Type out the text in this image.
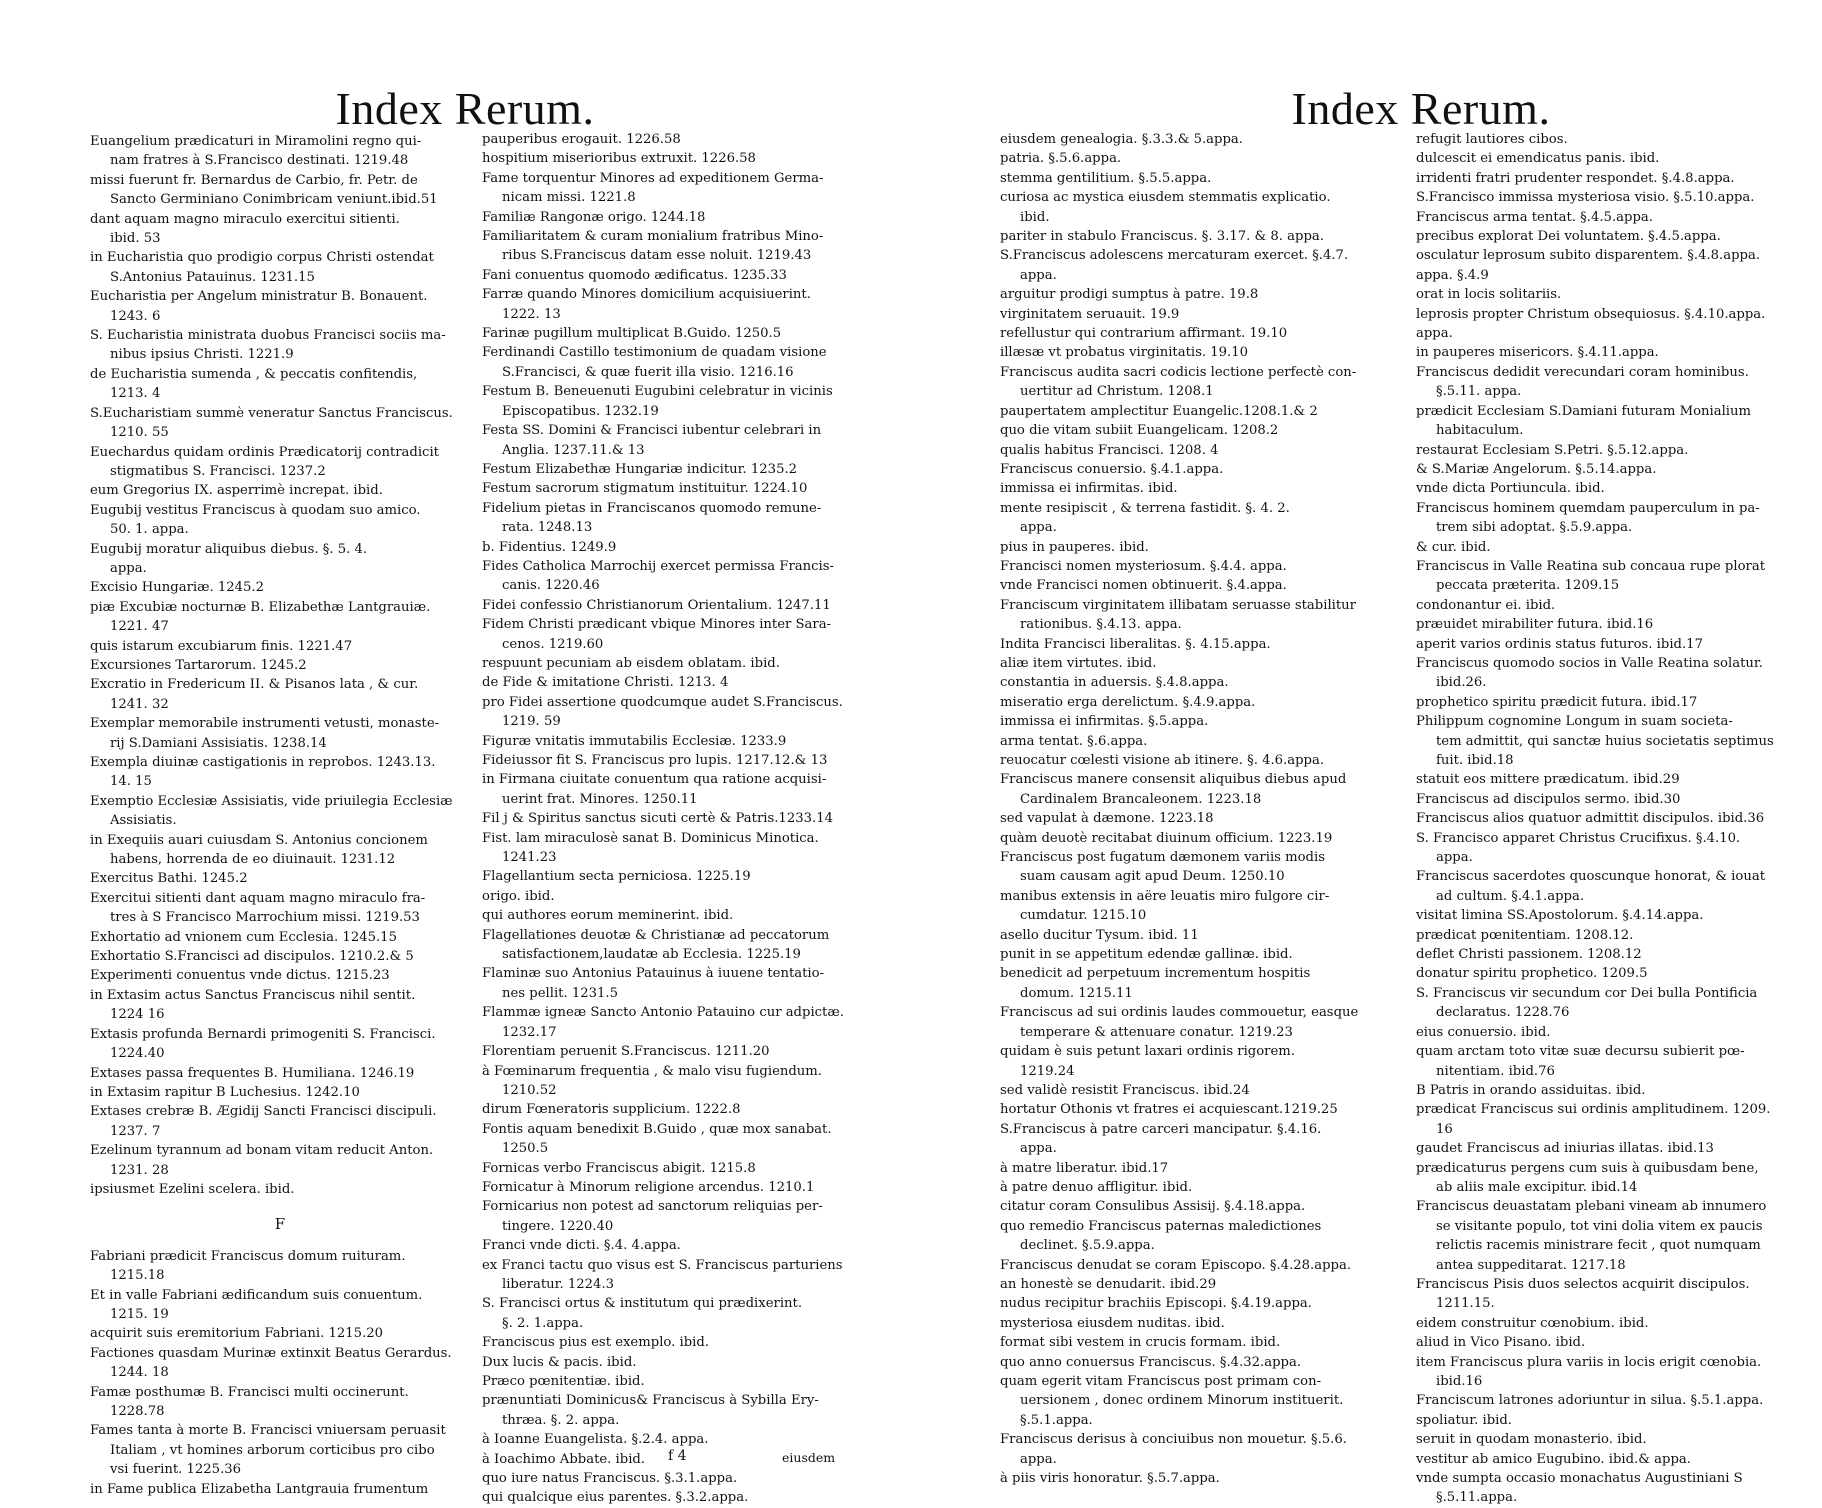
Index Rerum.
Euangelium prædicaturi in Miramolini regno qui-
nam fratres à S.Francisco destinati. 1219.48
missi fuerunt fr. Bernardus de Carbio, fr. Petr. de
Sancto Germiniano Conimbricam veniunt.ibid.51
dant aquam magno miraculo exercitui sitienti.
ibid. 53
in Eucharistia quo prodigio corpus Christi ostendat
S.Antonius Patauinus. 1231.15
Eucharistia per Angelum ministratur B. Bonauent.
1243. 6
S. Eucharistia ministrata duobus Francisci sociis ma-
nibus ipsius Christi. 1221.9
de Eucharistia sumenda , & peccatis confitendis,
1213. 4
S.Eucharistiam summè veneratur Sanctus Franciscus.
1210. 55
Euechardus quidam ordinis Prædicatorij contradicit
stigmatibus S. Francisci. 1237.2
eum Gregorius IX. asperrimè increpat. ibid.
Eugubij vestitus Franciscus à quodam suo amico.
50. 1. appa.
Eugubij moratur aliquibus diebus. §. 5. 4.
appa.
Excisio Hungariæ. 1245.2
piæ Excubiæ nocturnæ B. Elizabethæ Lantgrauiæ.
1221. 47
quis istarum excubiarum finis. 1221.47
Excursiones Tartarorum. 1245.2
Excratio in Fredericum II. & Pisanos lata , & cur.
1241. 32
Exemplar memorabile instrumenti vetusti, monaste-
rij S.Damiani Assisiatis. 1238.14
Exempla diuinæ castigationis in reprobos. 1243.13.
14. 15
Exemptio Ecclesiæ Assisiatis, vide priuilegia Ecclesiæ
Assisiatis.
in Exequiis auari cuiusdam S. Antonius concionem
habens, horrenda de eo diuinauit. 1231.12
Exercitus Bathi. 1245.2
Exercitui sitienti dant aquam magno miraculo fra-
tres à S Francisco Marrochium missi. 1219.53
Exhortatio ad vnionem cum Ecclesia. 1245.15
Exhortatio S.Francisci ad discipulos. 1210.2.& 5
Experimenti conuentus vnde dictus. 1215.23
in Extasim actus Sanctus Franciscus nihil sentit.
1224 16
Extasis profunda Bernardi primogeniti S. Francisci.
1224.40
Extases passa frequentes B. Humiliana. 1246.19
in Extasim rapitur B Luchesius. 1242.10
Extases crebræ B. Ægidij Sancti Francisci discipuli.
1237. 7
Ezelinum tyrannum ad bonam vitam reducit Anton.
1231. 28
ipsiusmet Ezelini scelera. ibid.
F
Fabriani prædicit Franciscus domum ruituram.
1215.18
Et in valle Fabriani ædificandum suis conuentum.
1215. 19
acquirit suis eremitorium Fabriani. 1215.20
Factiones quasdam Murinæ extinxit Beatus Gerardus.
1244. 18
Famæ posthumæ B. Francisci multi occinerunt.
1228.78
Fames tanta à morte B. Francisci vniuersam peruasit
Italiam , vt homines arborum corticibus pro cibo
vsi fuerint. 1225.36
in Fame publica Elizabetha Lantgrauia frumentum
pauperibus erogauit. 1226.58
hospitium miserioribus extruxit. 1226.58
Fame torquentur Minores ad expeditionem Germa-
nicam missi. 1221.8
Familiæ Rangonæ origo. 1244.18
Familiaritatem & curam monialium fratribus Mino-
ribus S.Franciscus datam esse noluit. 1219.43
Fani conuentus quomodo ædificatus. 1235.33
Farræ quando Minores domicilium acquisiuerint.
1222. 13
Farinæ pugillum multiplicat B.Guido. 1250.5
Ferdinandi Castillo testimonium de quadam visione
S.Francisci, & quæ fuerit illa visio. 1216.16
Festum B. Beneuenuti Eugubini celebratur in vicinis
Episcopatibus. 1232.19
Festa SS. Domini & Francisci iubentur celebrari in
Anglia. 1237.11.& 13
Festum Elizabethæ Hungariæ indicitur. 1235.2
Festum sacrorum stigmatum instituitur. 1224.10
Fidelium pietas in Franciscanos quomodo remune-
rata. 1248.13
b. Fidentius. 1249.9
Fides Catholica Marrochij exercet permissa Francis-
canis. 1220.46
Fidei confessio Christianorum Orientalium. 1247.11
Fidem Christi prædicant vbique Minores inter Sara-
cenos. 1219.60
respuunt pecuniam ab eisdem oblatam. ibid.
de Fide & imitatione Christi. 1213. 4
pro Fidei assertione quodcumque audet S.Franciscus.
1219. 59
Figuræ vnitatis immutabilis Ecclesiæ. 1233.9
Fideiussor fit S. Franciscus pro lupis. 1217.12.& 13
in Firmana ciuitate conuentum qua ratione acquisi-
uerint frat. Minores. 1250.11
Fil j & Spiritus sanctus sicuti certè & Patris.1233.14
Fist. lam miraculosè sanat B. Dominicus Minotica.
1241.23
Flagellantium secta perniciosa. 1225.19
origo. ibid.
qui authores eorum meminerint. ibid.
Flagellationes deuotæ & Christianæ ad peccatorum
satisfactionem,laudatæ ab Ecclesia. 1225.19
Flaminæ suo Antonius Patauinus à iuuene tentatio-
nes pellit. 1231.5
Flammæ igneæ Sancto Antonio Patauino cur adpictæ.
1232.17
Florentiam peruenit S.Franciscus. 1211.20
à Fœminarum frequentia , & malo visu fugiendum.
1210.52
dirum Fœneratoris supplicium. 1222.8
Fontis aquam benedixit B.Guido , quæ mox sanabat.
1250.5
Fornicas verbo Franciscus abigit. 1215.8
Fornicatur à Minorum religione arcendus. 1210.1
Fornicarius non potest ad sanctorum reliquias per-
tingere. 1220.40
Franci vnde dicti. §.4. 4.appa.
ex Franci tactu quo visus est S. Franciscus parturiens
liberatur. 1224.3
S. Francisci ortus & institutum qui prædixerint.
§. 2. 1.appa.
Franciscus pius est exemplo. ibid.
Dux lucis & pacis. ibid.
Præco pœnitentiæ. ibid.
prænuntiati Dominicus& Franciscus à Sybilla Ery-
thræa. §. 2. appa.
à Ioanne Euangelista. §.2.4. appa.
à Ioachimo Abbate. ibid.
quo iure natus Franciscus. §.3.1.appa.
qui qualcique eius parentes. §.3.2.appa.
f 4	eiusdem
Index Rerum.
eiusdem genealogia. §.3.3.& 5.appa.
patria. §.5.6.appa.
stemma gentilitium. §.5.5.appa.
curiosa ac mystica eiusdem stemmatis explicatio.
ibid.
pariter in stabulo Franciscus. §. 3.17. & 8. appa.
S.Franciscus adolescens mercaturam exercet. §.4.7.
appa.
arguitur prodigi sumptus à patre. 19.8
virginitatem seruauit. 19.9
refellustur qui contrarium affirmant. 19.10
illæsæ vt probatus virginitatis. 19.10
Franciscus audita sacri codicis lectione perfectè con-
uertitur ad Christum. 1208.1
paupertatem amplectitur Euangelic.1208.1.& 2
quo die vitam subiit Euangelicam. 1208.2
qualis habitus Francisci. 1208. 4
Franciscus conuersio. §.4.1.appa.
immissa ei infirmitas. ibid.
mente resipiscit , & terrena fastidit. §. 4. 2.
appa.
pius in pauperes. ibid.
Francisci nomen mysteriosum. §.4.4. appa.
vnde Francisci nomen obtinuerit. §.4.appa.
Franciscum virginitatem illibatam seruasse stabilitur
rationibus. §.4.13. appa.
Indita Francisci liberalitas. §. 4.15.appa.
aliæ item virtutes. ibid.
constantia in aduersis. §.4.8.appa.
miseratio erga derelictum. §.4.9.appa.
immissa ei infirmitas. §.5.appa.
arma tentat. §.6.appa.
reuocatur cœlesti visione ab itinere. §. 4.6.appa.
Franciscus manere consensit aliquibus diebus apud
Cardinalem Brancaleonem. 1223.18
sed vapulat à dæmone. 1223.18
quàm deuotè recitabat diuinum officium. 1223.19
Franciscus post fugatum dæmonem variis modis
suam causam agit apud Deum. 1250.10
manibus extensis in aëre leuatis miro fulgore cir-
cumdatur. 1215.10
asello ducitur Tysum. ibid. 11
punit in se appetitum edendæ gallinæ. ibid.
benedicit ad perpetuum incrementum hospitis
domum. 1215.11
Franciscus ad sui ordinis laudes commouetur, easque
temperare & attenuare conatur. 1219.23
quidam è suis petunt laxari ordinis rigorem.
1219.24
sed validè resistit Franciscus. ibid.24
hortatur Othonis vt fratres ei acquiescant.1219.25
S.Franciscus à patre carceri mancipatur. §.4.16.
appa.
à matre liberatur. ibid.17
à patre denuo affligitur. ibid.
citatur coram Consulibus Assisij. §.4.18.appa.
quo remedio Franciscus paternas maledictiones
declinet. §.5.9.appa.
Franciscus denudat se coram Episcopo. §.4.28.appa.
an honestè se denudarit. ibid.29
nudus recipitur brachiis Episcopi. §.4.19.appa.
mysteriosa eiusdem nuditas. ibid.
format sibi vestem in crucis formam. ibid.
quo anno conuersus Franciscus. §.4.32.appa.
quam egerit vitam Franciscus post primam con-
uersionem , donec ordinem Minorum instituerit.
§.5.1.appa.
Franciscus derisus à conciuibus non mouetur. §.5.6.
appa.
à piis viris honoratur. §.5.7.appa.
refugit lautiores cibos.
dulcescit ei emendicatus panis. ibid.
irridenti fratri prudenter respondet. §.4.8.appa.
S.Francisco immissa mysteriosa visio. §.5.10.appa.
Franciscus arma tentat. §.4.5.appa.
precibus explorat Dei voluntatem. §.4.5.appa.
osculatur leprosum subito disparentem. §.4.8.appa.
appa. §.4.9
orat in locis solitariis.
leprosis propter Christum obsequiosus. §.4.10.appa.
appa.
in pauperes misericors. §.4.11.appa.
Franciscus dedidit verecundari coram hominibus.
§.5.11. appa.
prædicit Ecclesiam S.Damiani futuram Monialium
habitaculum.
restaurat Ecclesiam S.Petri. §.5.12.appa.
& S.Mariæ Angelorum. §.5.14.appa.
vnde dicta Portiuncula. ibid.
Franciscus hominem quemdam pauperculum in pa-
trem sibi adoptat. §.5.9.appa.
& cur. ibid.
Franciscus in Valle Reatina sub concaua rupe plorat
peccata præterita. 1209.15
condonantur ei. ibid.
præuidet mirabiliter futura. ibid.16
aperit varios ordinis status futuros. ibid.17
Franciscus quomodo socios in Valle Reatina solatur.
ibid.26.
prophetico spiritu prædicit futura. ibid.17
Philippum cognomine Longum in suam societa-
tem admittit, qui sanctæ huius societatis septimus
fuit. ibid.18
statuit eos mittere prædicatum. ibid.29
Franciscus ad discipulos sermo. ibid.30
Franciscus alios quatuor admittit discipulos. ibid.36
S. Francisco apparet Christus Crucifixus. §.4.10.
appa.
Franciscus sacerdotes quoscunque honorat, & iouat
ad cultum. §.4.1.appa.
visitat limina SS.Apostolorum. §.4.14.appa.
prædicat pœnitentiam. 1208.12.
deflet Christi passionem. 1208.12
donatur spiritu prophetico. 1209.5
S. Franciscus vir secundum cor Dei bulla Pontificia
declaratus. 1228.76
eius conuersio. ibid.
quam arctam toto vitæ suæ decursu subierit pœ-
nitentiam. ibid.76
B Patris in orando assiduitas. ibid.
prædicat Franciscus sui ordinis amplitudinem. 1209.
16
gaudet Franciscus ad iniurias illatas. ibid.13
prædicaturus pergens cum suis à quibusdam bene,
ab aliis male excipitur. ibid.14
Franciscus deuastatam plebani vineam ab innumero
se visitante populo, tot vini dolia vitem ex paucis
relictis racemis ministrare fecit , quot numquam
antea suppeditarat. 1217.18
Franciscus Pisis duos selectos acquirit discipulos.
1211.15.
eidem construitur cœnobium. ibid.
aliud in Vico Pisano. ibid.
item Franciscus plura variis in locis erigit cœnobia.
ibid.16
Franciscum latrones adoriuntur in silua. §.5.1.appa.
spoliatur. ibid.
seruit in quodam monasterio. ibid.
vestitur ab amico Eugubino. ibid.& appa.
vnde sumpta occasio monachatus Augustiniani S
§.5.11.appa.
